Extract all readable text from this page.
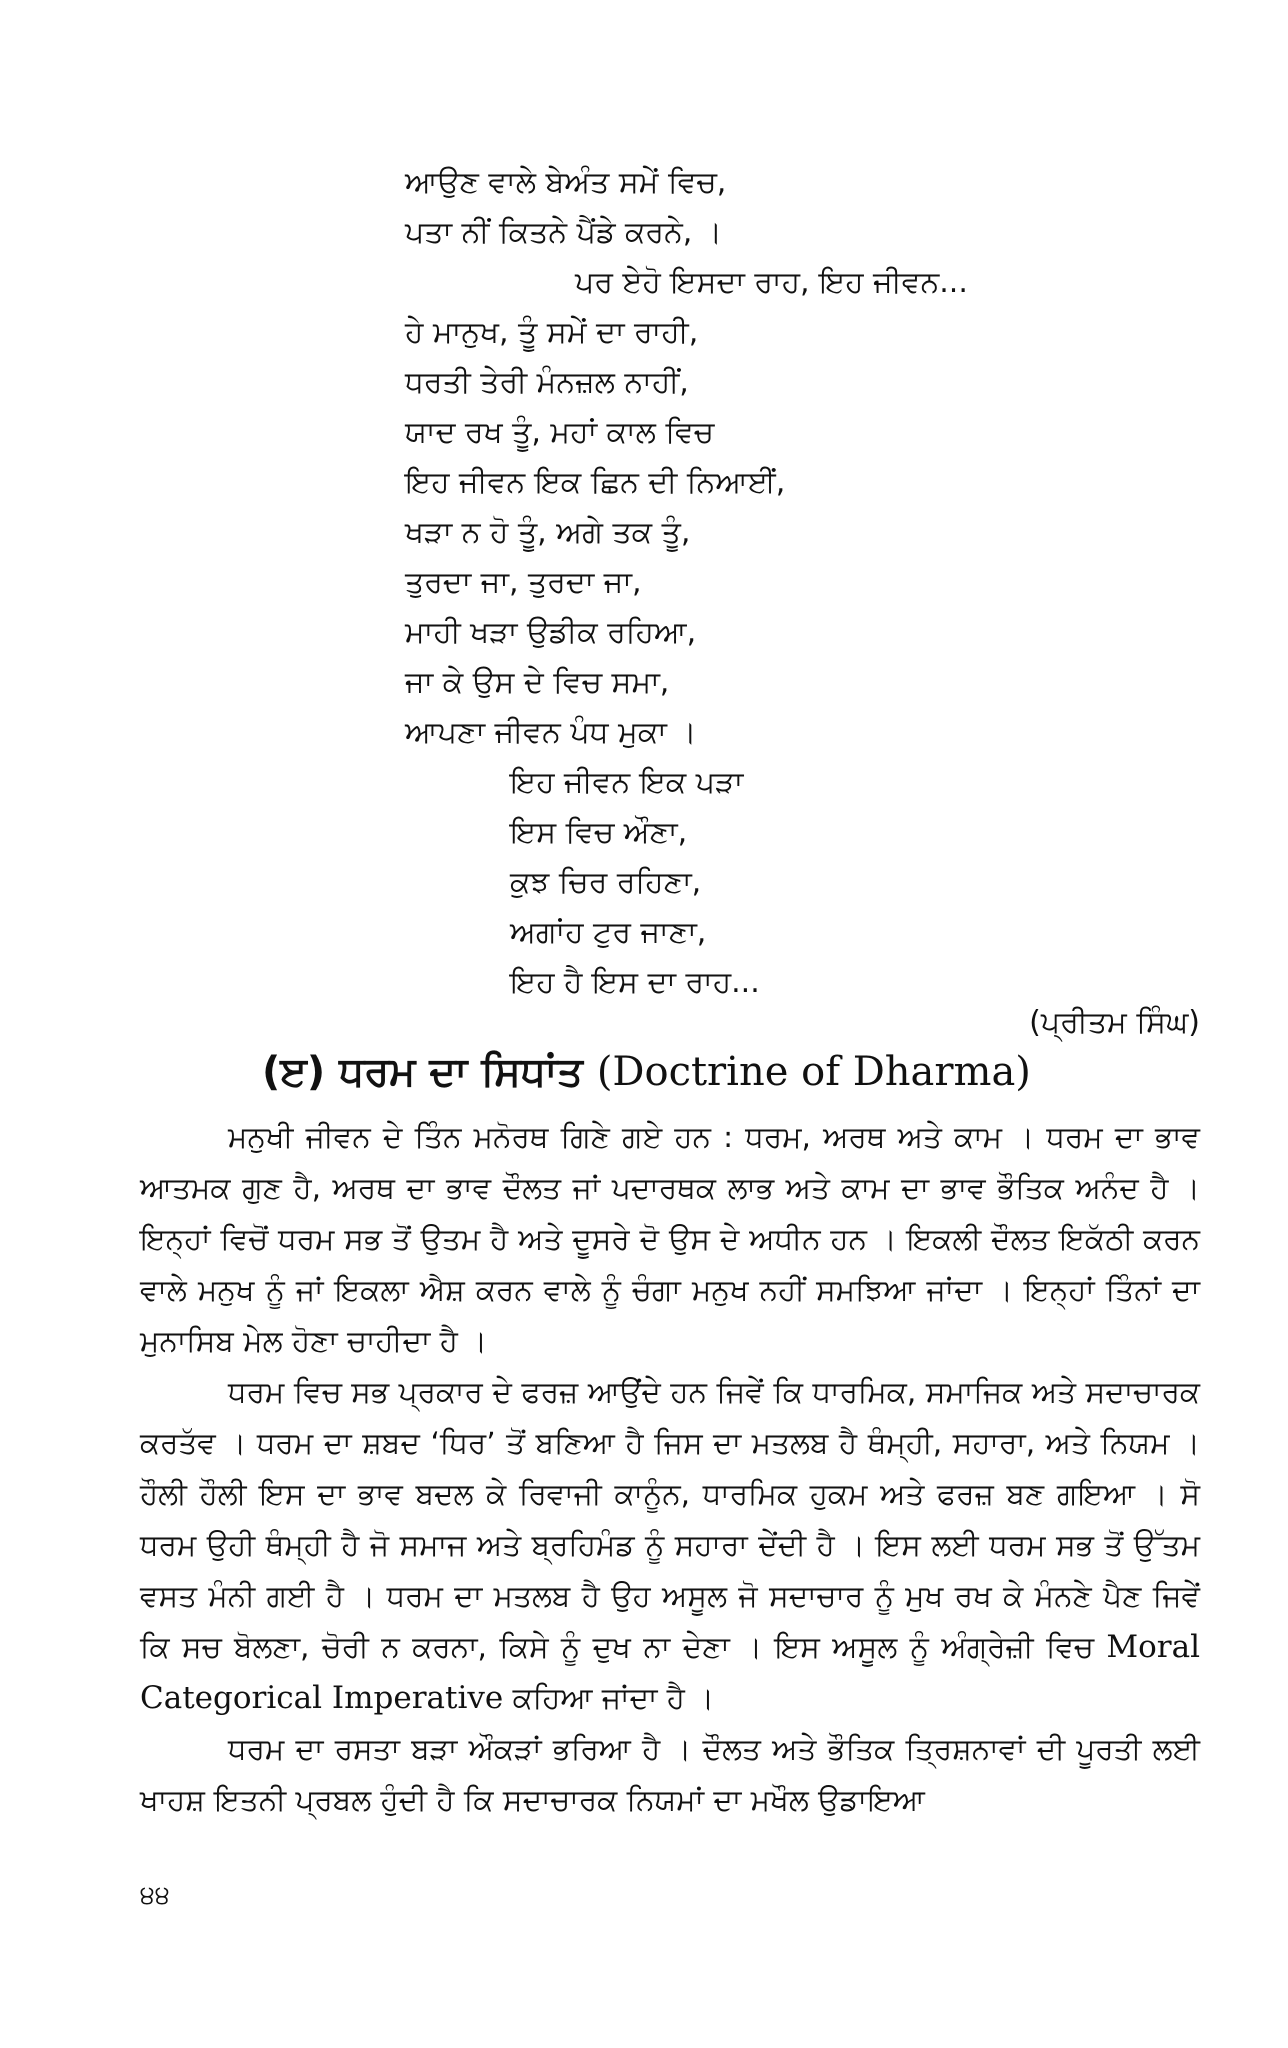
ਆਉਣ ਵਾਲੇ ਬੇਅੰਤ ਸਮੇਂ ਵਿਚ,
ਪਤਾ ਨੀਂ ਕਿਤਨੇ ਪੈਂਡੇ ਕਰਨੇ, ।
ਪਰ ਏਹੋ ਇਸਦਾ ਰਾਹ, ਇਹ ਜੀਵਨ...
ਹੇ ਮਾਨੁਖ, ਤੂੰ ਸਮੇਂ ਦਾ ਰਾਹੀ,
ਧਰਤੀ ਤੇਰੀ ਮੰਨਜ਼ਲ ਨਾਹੀਂ,
ਯਾਦ ਰਖ ਤੂੰ, ਮਹਾਂ ਕਾਲ ਵਿਚ
ਇਹ ਜੀਵਨ ਇਕ ਛਿਨ ਦੀ ਨਿਆਈਂ,
ਖੜਾ ਨ ਹੋ ਤੂੰ, ਅਗੇ ਤਕ ਤੂੰ,
ਤੁਰਦਾ ਜਾ, ਤੁਰਦਾ ਜਾ,
ਮਾਹੀ ਖੜਾ ਉਡੀਕ ਰਹਿਆ,
ਜਾ ਕੇ ਉਸ ਦੇ ਵਿਚ ਸਮਾ,
ਆਪਣਾ ਜੀਵਨ ਪੰਧ ਮੁਕਾ ।
ਇਹ ਜੀਵਨ ਇਕ ਪੜਾ
ਇਸ ਵਿਚ ਔਣਾ,
ਕੁਝ ਚਿਰ ਰਹਿਣਾ,
ਅਗਾਂਹ ਟੁਰ ਜਾਣਾ,
ਇਹ ਹੈ ਇਸ ਦਾ ਰਾਹ...
(ਪ੍ਰੀਤਮ ਸਿੰਘ)
(ੲ) ਧਰਮ ਦਾ ਸਿਧਾਂਤ (Doctrine of Dharma)

ਮਨੁਖੀ ਜੀਵਨ ਦੇ ਤਿੰਨ ਮਨੋਰਥ ਗਿਣੇ ਗਏ ਹਨ : ਧਰਮ, ਅਰਥ ਅਤੇ ਕਾਮ । ਧਰਮ ਦਾ ਭਾਵ ਆਤਮਕ ਗੁਣ ਹੈ, ਅਰਥ ਦਾ ਭਾਵ ਦੌਲਤ ਜਾਂ ਪਦਾਰਥਕ ਲਾਭ ਅਤੇ ਕਾਮ ਦਾ ਭਾਵ ਭੌਤਿਕ ਅਨੰਦ ਹੈ । ਇਨ੍ਹਾਂ ਵਿਚੋਂ ਧਰਮ ਸਭ ਤੋਂ ਉਤਮ ਹੈ ਅਤੇ ਦੂਸਰੇ ਦੋ ਉਸ ਦੇ ਅਧੀਨ ਹਨ । ਇਕਲੀ ਦੌਲਤ ਇਕੱਠੀ ਕਰਨ ਵਾਲੇ ਮਨੁਖ ਨੂੰ ਜਾਂ ਇਕਲਾ ਐਸ਼ ਕਰਨ ਵਾਲੇ ਨੂੰ ਚੰਗਾ ਮਨੁਖ ਨਹੀਂ ਸਮਝਿਆ ਜਾਂਦਾ । ਇਨ੍ਹਾਂ ਤਿੰਨਾਂ ਦਾ ਮੁਨਾਸਿਬ ਮੇਲ ਹੋਣਾ ਚਾਹੀਦਾ ਹੈ ।

ਧਰਮ ਵਿਚ ਸਭ ਪ੍ਰਕਾਰ ਦੇ ਫਰਜ਼ ਆਉਂਦੇ ਹਨ ਜਿਵੇਂ ਕਿ ਧਾਰਮਿਕ, ਸਮਾਜਿਕ ਅਤੇ ਸਦਾਚਾਰਕ ਕਰਤੱਵ । ਧਰਮ ਦਾ ਸ਼ਬਦ ‘ਧਿਰ’ ਤੋਂ ਬਣਿਆ ਹੈ ਜਿਸ ਦਾ ਮਤਲਬ ਹੈ ਥੰਮ੍ਹੀ, ਸਹਾਰਾ, ਅਤੇ ਨਿਯਮ । ਹੌਲੀ ਹੌਲੀ ਇਸ ਦਾ ਭਾਵ ਬਦਲ ਕੇ ਰਿਵਾਜੀ ਕਾਨੂੰਨ, ਧਾਰਮਿਕ ਹੁਕਮ ਅਤੇ ਫਰਜ਼ ਬਣ ਗਇਆ । ਸੋ ਧਰਮ ਉਹੀ ਥੰਮ੍ਹੀ ਹੈ ਜੋ ਸਮਾਜ ਅਤੇ ਬ੍ਰਹਿਮੰਡ ਨੂੰ ਸਹਾਰਾ ਦੇਂਦੀ ਹੈ । ਇਸ ਲਈ ਧਰਮ ਸਭ ਤੋਂ ਉੱਤਮ ਵਸਤ ਮੰਨੀ ਗਈ ਹੈ । ਧਰਮ ਦਾ ਮਤਲਬ ਹੈ ਉਹ ਅਸੂਲ ਜੋ ਸਦਾਚਾਰ ਨੂੰ ਮੁਖ ਰਖ ਕੇ ਮੰਨਣੇ ਪੈਣ ਜਿਵੇਂ ਕਿ ਸਚ ਬੋਲਣਾ, ਚੋਰੀ ਨ ਕਰਨਾ, ਕਿਸੇ ਨੂੰ ਦੁਖ ਨਾ ਦੇਣਾ । ਇਸ ਅਸੂਲ ਨੂੰ ਅੰਗ੍ਰੇਜ਼ੀ ਵਿਚ Moral Categorical Imperative ਕਹਿਆ ਜਾਂਦਾ ਹੈ ।

ਧਰਮ ਦਾ ਰਸਤਾ ਬੜਾ ਔਕੜਾਂ ਭਰਿਆ ਹੈ । ਦੌਲਤ ਅਤੇ ਭੌਤਿਕ ਤ੍ਰਿਸ਼ਨਾਵਾਂ ਦੀ ਪੂਰਤੀ ਲਈ ਖਾਹਸ਼ ਇਤਨੀ ਪ੍ਰਬਲ ਹੁੰਦੀ ਹੈ ਕਿ ਸਦਾਚਾਰਕ ਨਿਯਮਾਂ ਦਾ ਮਖੌਲ ਉਡਾਇਆ

੪੪
